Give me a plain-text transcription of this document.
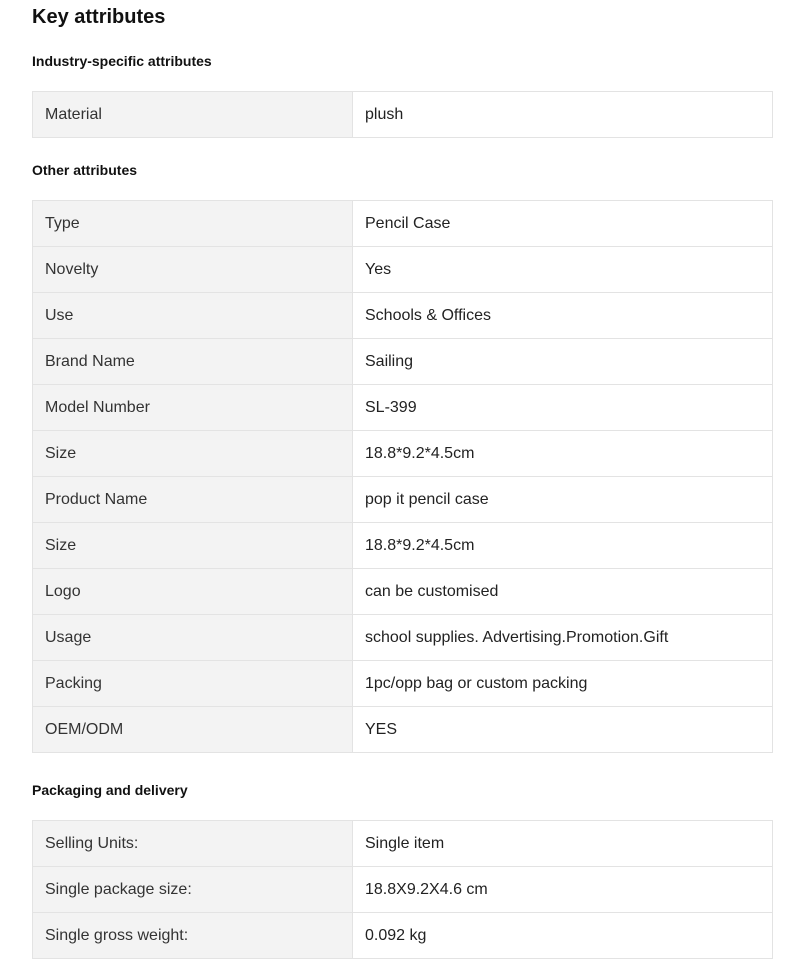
Key attributes
Industry-specific attributes
Material	plush
Other attributes
Type	Pencil Case
Novelty	Yes
Use	Schools & Offices
Brand Name	Sailing
Model Number	SL-399
Size	18.8*9.2*4.5cm
Product Name	pop it pencil case
Size	18.8*9.2*4.5cm
Logo	can be customised
Usage	school supplies. Advertising.Promotion.Gift
Packing	1pc/opp bag or custom packing
OEM/ODM	YES
Packaging and delivery
Selling Units:	Single item
Single package size:	18.8X9.2X4.6 cm
Single gross weight:	0.092 kg
